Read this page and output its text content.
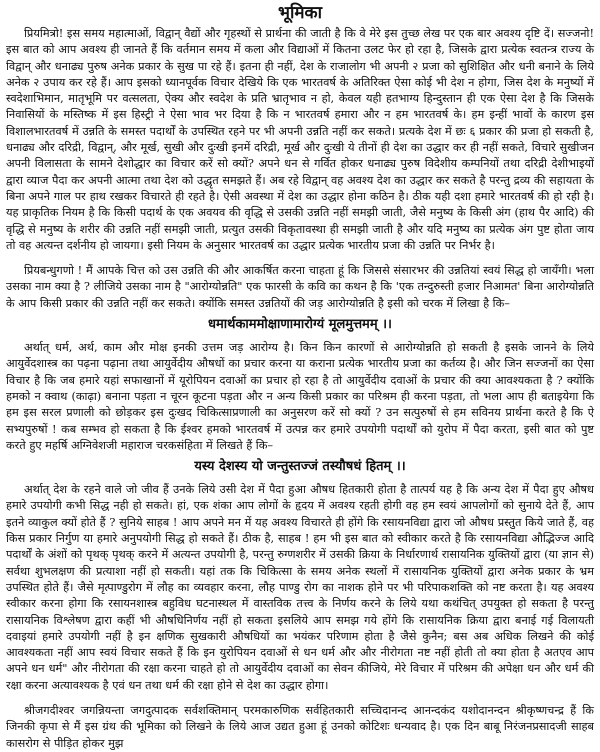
भूमिका

प्रियमित्रो! इस समय महात्माओं, विद्वान् वैद्यों और गृहस्थों से प्रार्थना की जाती है कि वे मेरे इस तुच्छ लेख पर एक बार अवश्य दृष्टि दें। सज्जनो! इस बात को आप अवश्य ही जानते हैं कि वर्तमान समय में कला और विद्याओं में कितना उलट फेर हो रहा है, जिसके द्वारा प्रत्येक स्वतन्त्र राज्य के विद्वान् और धनाढ्य पुरुष अनेक प्रकार के सुख पा रहे हैं। इतना ही नहीं, देश के राजालोग भी अपनी २ प्रजा को सुशिक्षित और धनी बनाने के लिये अनेक २ उपाय कर रहे हैं। आप इसको ध्यानपूर्वक विचार देखिये कि एक भारतवर्ष के अतिरिक्त ऐसा कोई भी देश न होगा, जिस देश के मनुष्यों में स्वदेशाभिमान, मातृभूमि पर वत्सलता, ऐक्य और स्वदेश के प्रति भ्रातृभाव न हो, केवल यही हतभाग्य हिन्दुस्तान ही एक ऐसा देश है कि जिसके निवासियों के मस्तिष्क में इस हिस्ट्री ने ऐसा भाव भर दिया है कि न भारतवर्ष हमारा और न हम भारतवर्ष के। हम इन्हीं भावों के कारण इस विशालभारतवर्ष में उन्नति के समस्त पदार्थों के उपस्थित रहने पर भी अपनी उन्नति नहीं कर सकते। प्रत्यके देश में छः ६ प्रकार की प्रजा हो सकती है, धनाढ्य और दरिद्री, विद्वान्, और मूर्ख, सुखी और दुःखी इनमें दरिद्री, मूर्ख और दुःखी ये तीनों ही देश का उद्धार कर ही नहीं सकते, विचारे सुखीजन अपनी विलासता के सामने देशोद्धार का विचार करें सो क्यों? अपने धन से गर्वित होकर धनाढ्य पुरुष विदेशीय कम्पनियों तथा दरिद्री देशीभाइयों द्वारा व्याज पैदा कर अपनी आत्मा तथा देश को उद्धृत समझते हैं। अब रहे विद्वान् वह अवश्य देश का उद्धार कर सकते है परन्तु द्रव्य की सहायता के बिना अपने गाल पर हाथ रखकर विचारते ही रहते है। ऐसी अवस्था में देश का उद्धार होना कठिन है। ठीक यही दशा हमारे भारतवर्ष की हो रही है। यह प्राकृतिक नियम है कि किसी पदार्थ के एक अवयव की वृद्धि से उसकी उन्नति नहीं समझी जाती, जैसे मनुष्य के किसी अंग (हाथ पैर आदि) की वृद्धि से मनुष्य के शरीर की उन्नति नहीं समझी जाती, प्रत्युत उसकी विकृतावस्था ही समझी जाती है और यदि मनुष्य का प्रत्येक अंग पुष्ट होता जाय तो वह अत्यन्त दर्शनीय हो जायगा। इसी नियम के अनुसार भारतवर्ष का उद्धार प्रत्येक भारतीय प्रजा की उन्नति पर निर्भर है।

प्रियबन्धुगणो ! मैं आपके चित्त को उस उन्नति की और आकर्षित करना चाहता हूं कि जिससे संसारभर की उन्नतियां स्वयं सिद्ध हो जायँगी। भला उसका नाम क्या है ? लीजिये उसका नाम है "आरोग्योन्नति" एक फारसी के कवि का कथन है कि 'एक तन्दुरुस्ती हजार निआमत' बिना आरोग्योन्नति के आप किसी प्रकार की उन्नति नहीं कर सकते। क्योंकि समस्त उन्नतियों की जड़ आरोग्योन्नति है इसी को चरक में लिखा है कि–

धमार्थकाममोक्षाणामारोग्यं मूलमुत्तमम् ।।

अर्थात् धर्म, अर्थ, काम और मोक्ष इनकी उत्तम जड़ आरोग्य है। किन किन कारणों से आरोग्योन्नति हो सकती है इसके जानने के लिये आयुर्वेदशास्त्र का पढ़ना पढ़ाना तथा आयुर्वेदीय औषधों का प्रचार करना या कराना प्रत्येक भारतीय प्रजा का कर्तव्य है। और जिन सज्जनों का ऐसा विचार है कि जब हमारे यहां सफाखानों में यूरोपियन दवाओं का प्रचार हो रहा है तो आयुर्वेदीय दवाओं के प्रचार की क्या आवश्यकता है ? क्योंकि हमको न क्वाथ (काढ़ा) बनाना पड़ता न चूरन कूटना पड़ता और न अन्य किसी प्रकार का परिश्रम ही करना पड़ता, तो भला आप ही बताइयेगा कि हम इस सरल प्रणाली को छोड़कर इस दुःखद चिकित्साप्रणाली का अनुसरण करें सो क्यों ? उन सत्पुरुषों से हम सविनय प्रार्थना करते है कि ऐ सभ्यपुरुषों ! कब सम्भव हो सकता है कि ईश्वर हमको भारतवर्ष में उत्पन्न कर हमारे उपयोगी पदार्थों को युरोप में पैदा करता, इसी बात को पुष्ट करते हुए महर्षि अग्निवेशजी महाराज चरकसंहिता में लिखते हैं कि–

यस्य देशस्य यो जन्तुस्तज्जं तस्यौषधं हितम् ।।

अर्थात् देश के रहने वाले जो जीव हैं उनके लिये उसी देश में पैदा हुआ औषध हितकारी होता है तात्पर्य यह है कि अन्य देश में पैदा हुए औषध हमारे उपयोगी कभी सिद्ध नही हो सकते। हां, एक शंका आप लोगों के हृदय में अवश्य रहती होगी वह हम स्वयं आपलोगों को सुनाये देते हैं, आप इतने व्याकुल क्यों होते हैं ? सुनिये साहब ! आप अपने मन में यह अवश्य विचारते ही होंगे कि रसायनविद्या द्वारा जो औषध प्रस्तुत किये जाते हैं, वह किस प्रकार निर्गुण या हमारे अनुपयोगी सिद्ध हो सकते हैं। ठीक है, साहब ! हम भी इस बात को स्वीकार करते है कि रसायनविद्या औद्भिज्ज आदि पदार्थों के अंशों को पृथक् पृथक् करने में अत्यन्त उपयोगी है, परन्तु रुग्णशरीर में उसकी क्रिया के निर्धारणार्थ रासायनिक युक्तियों द्वारा (या ज्ञान से) सर्वथा शुभलक्षण की प्रत्याशा नहीं हो सकती। यहां तक कि चिकित्सा के समय अनेक स्थलों में रासायनिक युक्तियों द्वारा अनेक प्रकार के भ्रम उपस्थित होते हैं। जैसे मृत्पाण्डुरोग में लौह का व्यवहार करना, लौह पाण्डु रोग का नाशक होने पर भी परिपाकशक्ति को नष्ट करता है। यह अवश्य स्वीकार करना होगा कि रसायनशास्त्र बहुविध घटनास्थल में वास्तविक तत्त्व के निर्णय करने के लिये यथा कथंचित् उपयुक्त हो सकता है परन्तु रासायनिक विश्लेषण द्वारा कहीं भी औषधिनिर्णय नहीं हो सकता इसलिये आप समझ गये होंगे कि रासायनिक क्रिया द्वारा बनाई गई विलायती दवाइयां हमारे उपयोगी नहीं है इन क्षणिक सुखकारी औषधियों का भयंकर परिणाम होता है जैसे कुनैन; बस अब अधिक लिखने की कोई आवश्यकता नहीं आप स्वयं विचार सकते हैं कि इन युरोपियन दवाओं से धन धर्म और और नीरोगता नष्ट नहीं होती तो क्या होता है अतएव आप अपने धन धर्म" और नीरोगता की रक्षा करना चाहते हो तो आयुर्वेदीय दवाओं का सेवन कीजिये, मेरे विचार में परिश्रम की अपेक्षा धन और धर्म की रक्षा करना अत्यावश्यक है एवं धन तथा धर्म की रक्षा होने से देश का उद्धार होगा।

श्रीजगदीश्वर जगन्नियन्ता जगदुत्पादक सर्वशक्तिमान् परमकारुणिक सर्वहितकारी सच्चिदानन्द आनन्दकंद यशोदानन्दन श्रीकृष्णचन्द्र हैं कि जिनकी कृपा से मैं इस ग्रंथ की भूमिका को लिखने के लिये आज उद्यत हुआ हूं उनको कोटिशः धन्यवाद है। एक दिन बाबू निरंजनप्रसादजी साहब कासरोग से पीड़ित होकर मुझ
